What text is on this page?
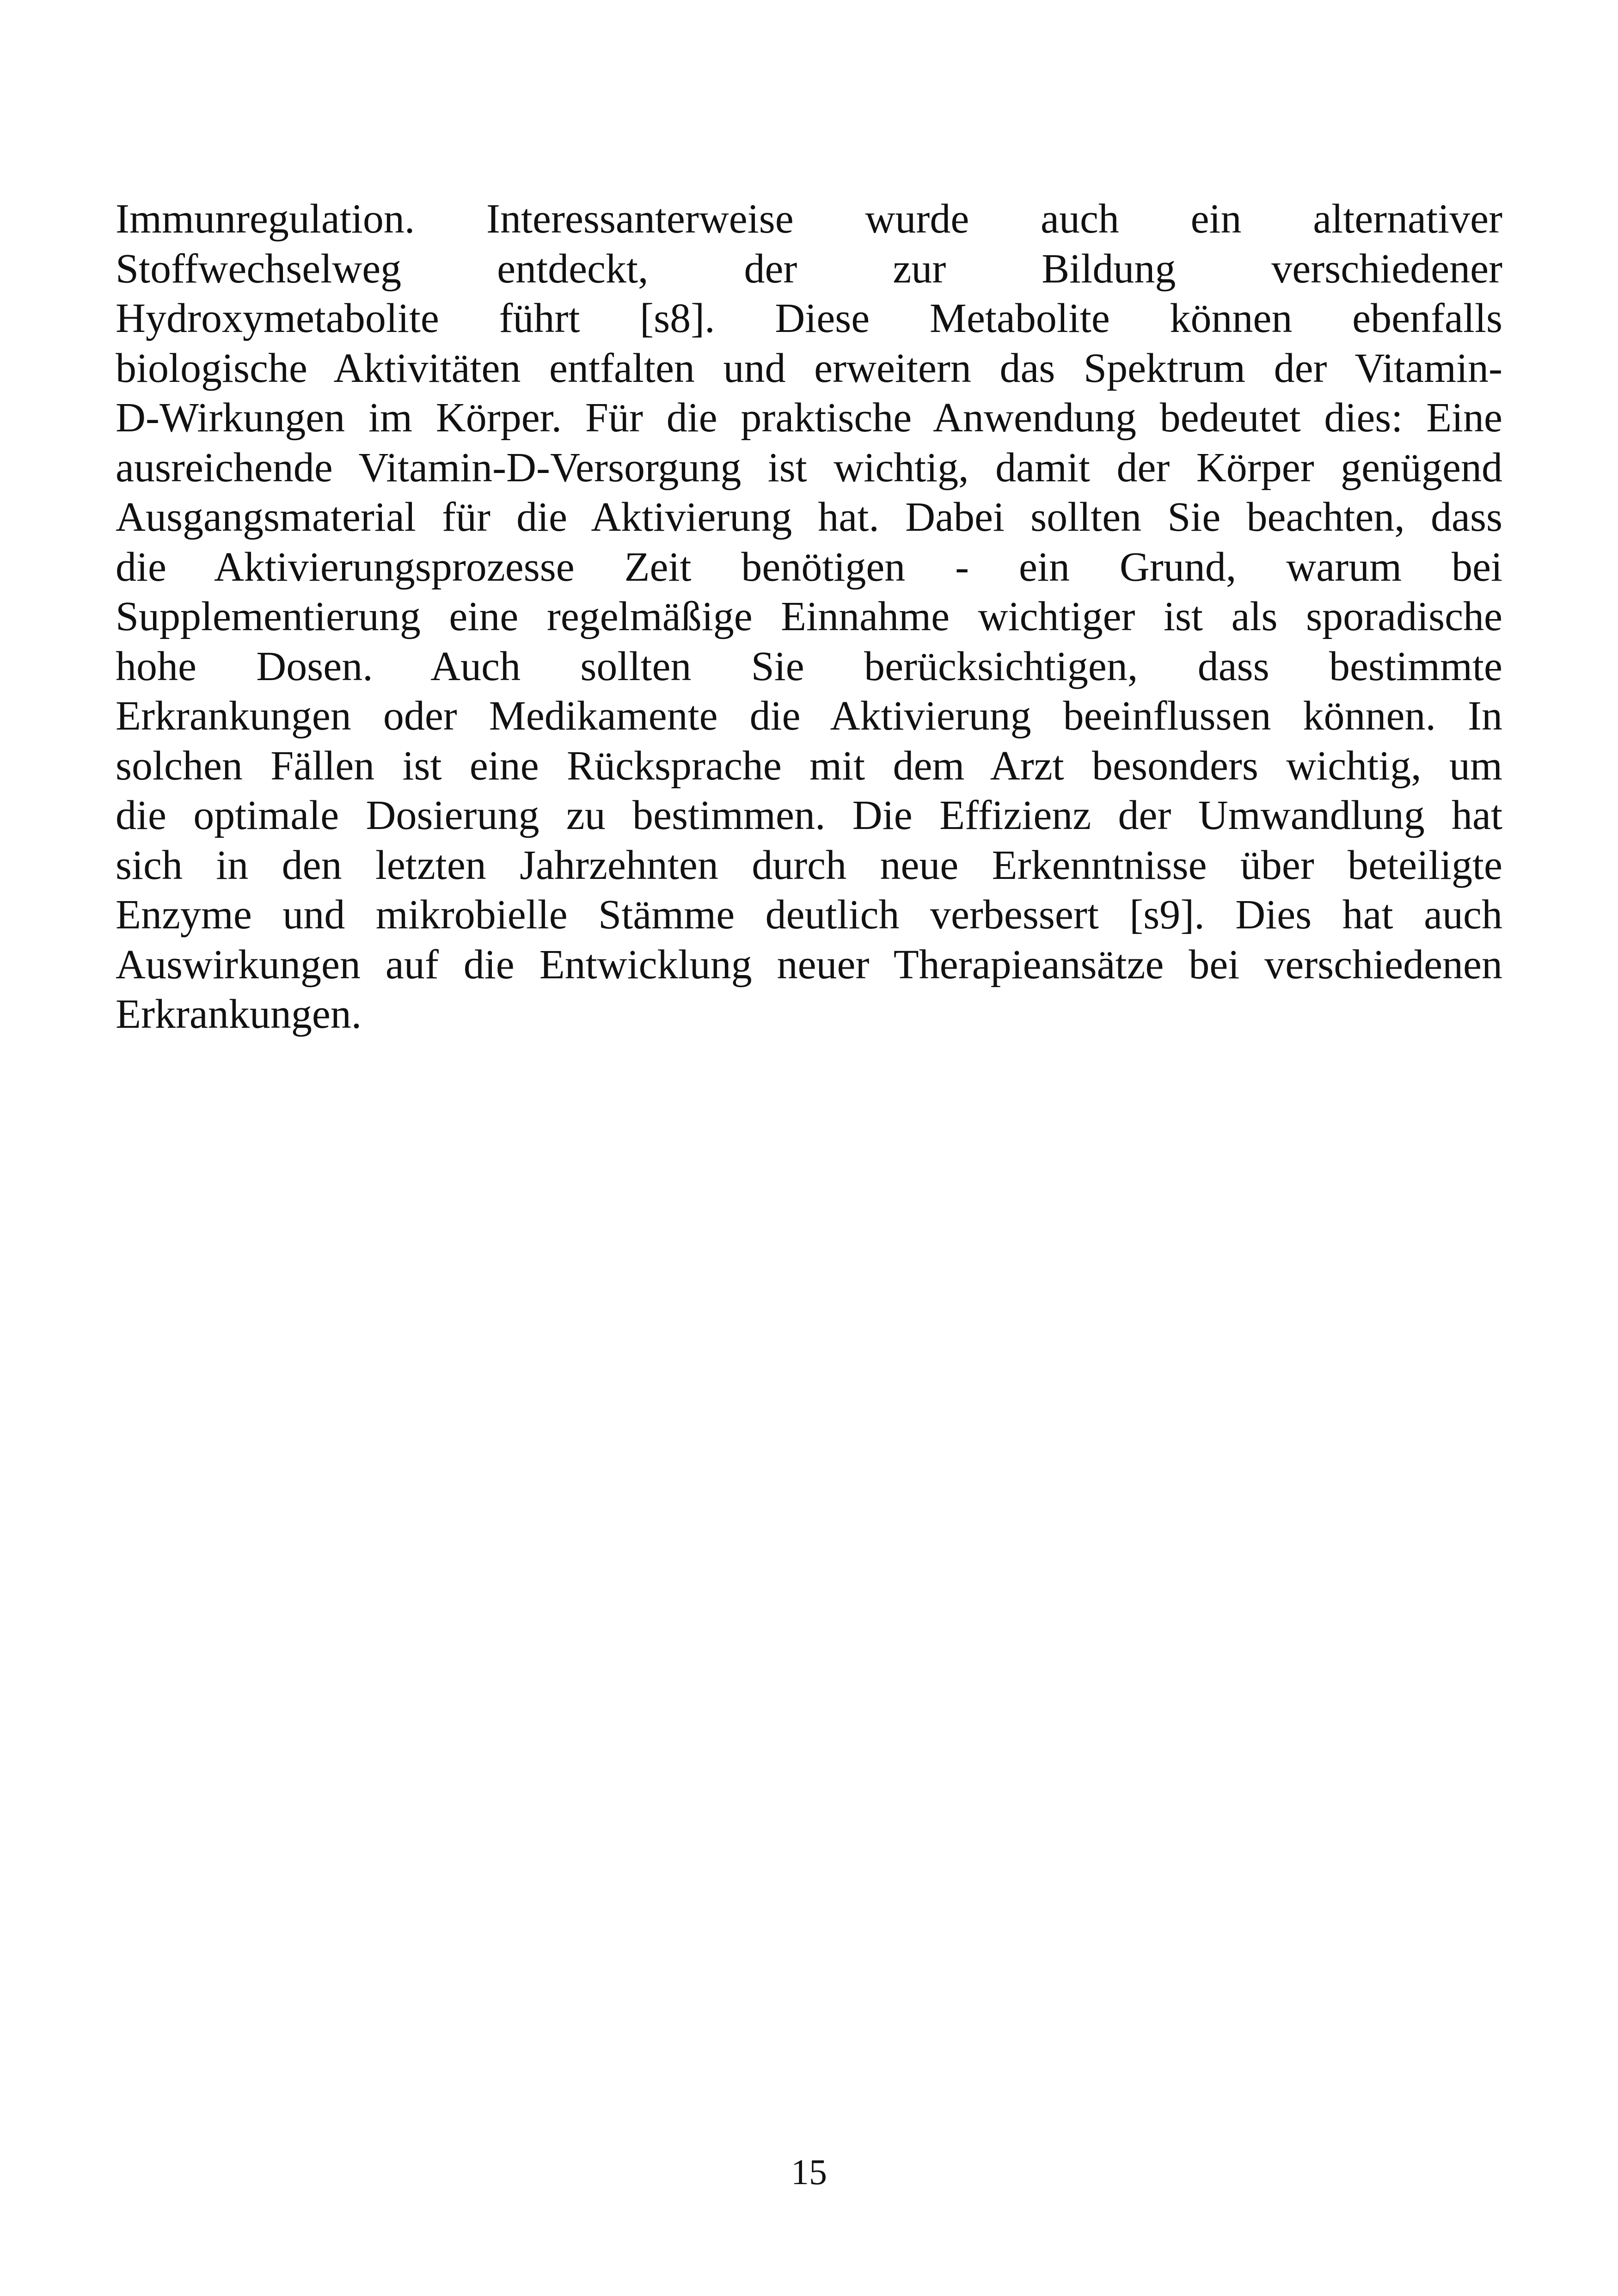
Immunregulation. Interessanterweise wurde auch ein alternativer
Stoffwechselweg entdeckt, der zur Bildung verschiedener
Hydroxymetabolite führt [s8]. Diese Metabolite können ebenfalls
biologische Aktivitäten entfalten und erweitern das Spektrum der Vitamin-
D-Wirkungen im Körper. Für die praktische Anwendung bedeutet dies: Eine
ausreichende Vitamin-D-Versorgung ist wichtig, damit der Körper genügend
Ausgangsmaterial für die Aktivierung hat. Dabei sollten Sie beachten, dass
die Aktivierungsprozesse Zeit benötigen - ein Grund, warum bei
Supplementierung eine regelmäßige Einnahme wichtiger ist als sporadische
hohe Dosen. Auch sollten Sie berücksichtigen, dass bestimmte
Erkrankungen oder Medikamente die Aktivierung beeinflussen können. In
solchen Fällen ist eine Rücksprache mit dem Arzt besonders wichtig, um
die optimale Dosierung zu bestimmen. Die Effizienz der Umwandlung hat
sich in den letzten Jahrzehnten durch neue Erkenntnisse über beteiligte
Enzyme und mikrobielle Stämme deutlich verbessert [s9]. Dies hat auch
Auswirkungen auf die Entwicklung neuer Therapieansätze bei verschiedenen
Erkrankungen.
15
